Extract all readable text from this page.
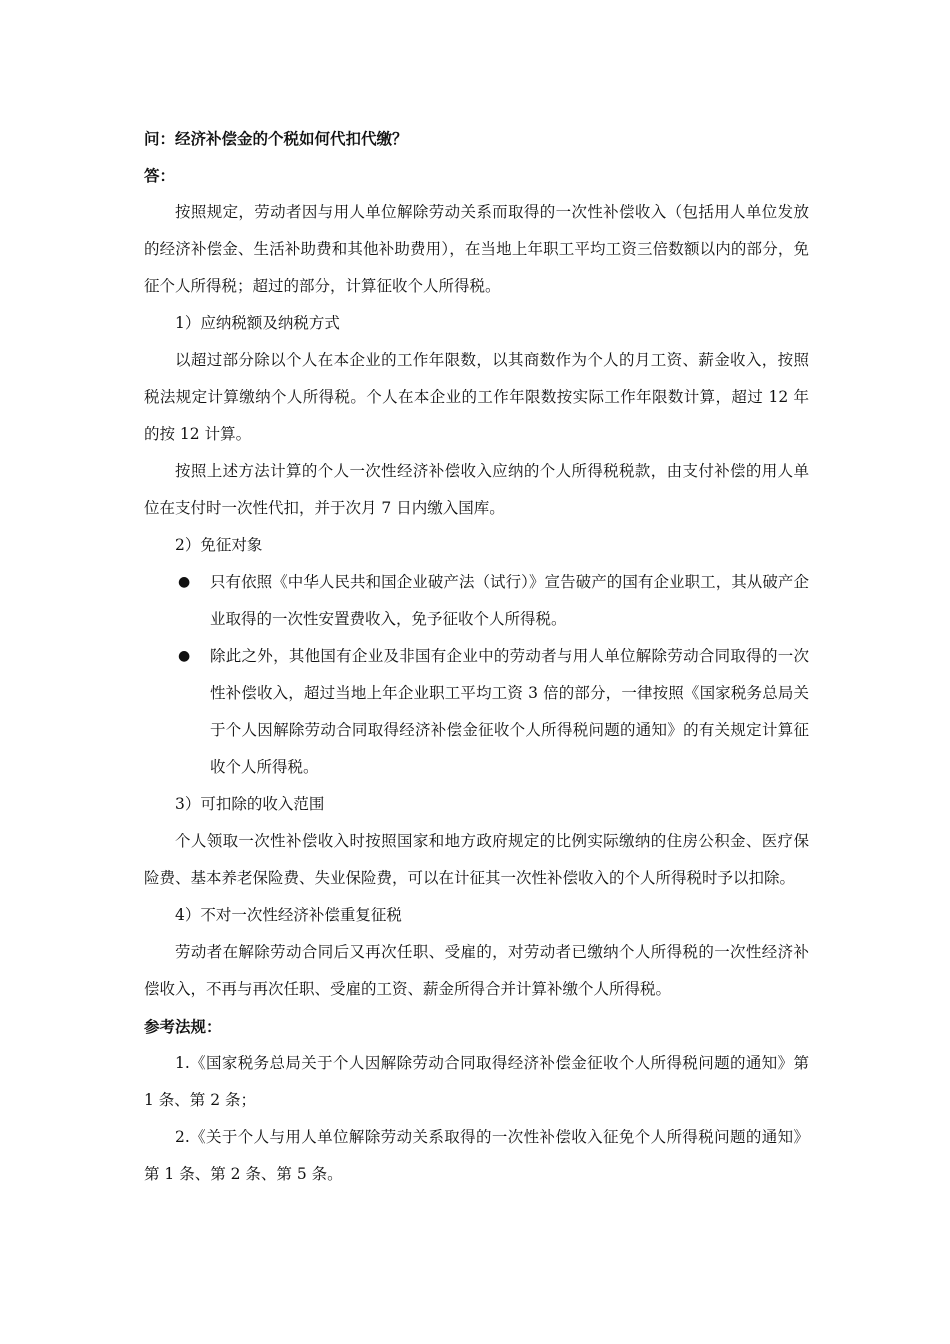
问：经济补偿金的个税如何代扣代缴？

答：

按照规定，劳动者因与用人单位解除劳动关系而取得的一次性补偿收入（包括用人单位发放的经济补偿金、生活补助费和其他补助费用），在当地上年职工平均工资三倍数额以内的部分，免征个人所得税；超过的部分，计算征收个人所得税。

1）应纳税额及纳税方式

以超过部分除以个人在本企业的工作年限数，以其商数作为个人的月工资、薪金收入，按照税法规定计算缴纳个人所得税。个人在本企业的工作年限数按实际工作年限数计算，超过 12 年的按 12 计算。

按照上述方法计算的个人一次性经济补偿收入应纳的个人所得税税款，由支付补偿的用人单位在支付时一次性代扣，并于次月 7 日内缴入国库。

2）免征对象

● 只有依照《中华人民共和国企业破产法（试行）》宣告破产的国有企业职工，其从破产企业取得的一次性安置费收入，免予征收个人所得税。
● 除此之外，其他国有企业及非国有企业中的劳动者与用人单位解除劳动合同取得的一次性补偿收入，超过当地上年企业职工平均工资 3 倍的部分，一律按照《国家税务总局关于个人因解除劳动合同取得经济补偿金征收个人所得税问题的通知》的有关规定计算征收个人所得税。

3）可扣除的收入范围

个人领取一次性补偿收入时按照国家和地方政府规定的比例实际缴纳的住房公积金、医疗保险费、基本养老保险费、失业保险费，可以在计征其一次性补偿收入的个人所得税时予以扣除。

4）不对一次性经济补偿重复征税

劳动者在解除劳动合同后又再次任职、受雇的，对劳动者已缴纳个人所得税的一次性经济补偿收入，不再与再次任职、受雇的工资、薪金所得合并计算补缴个人所得税。

参考法规：

1.《国家税务总局关于个人因解除劳动合同取得经济补偿金征收个人所得税问题的通知》第 1 条、第 2 条；

2.《关于个人与用人单位解除劳动关系取得的一次性补偿收入征免个人所得税问题的通知》第 1 条、第 2 条、第 5 条。
